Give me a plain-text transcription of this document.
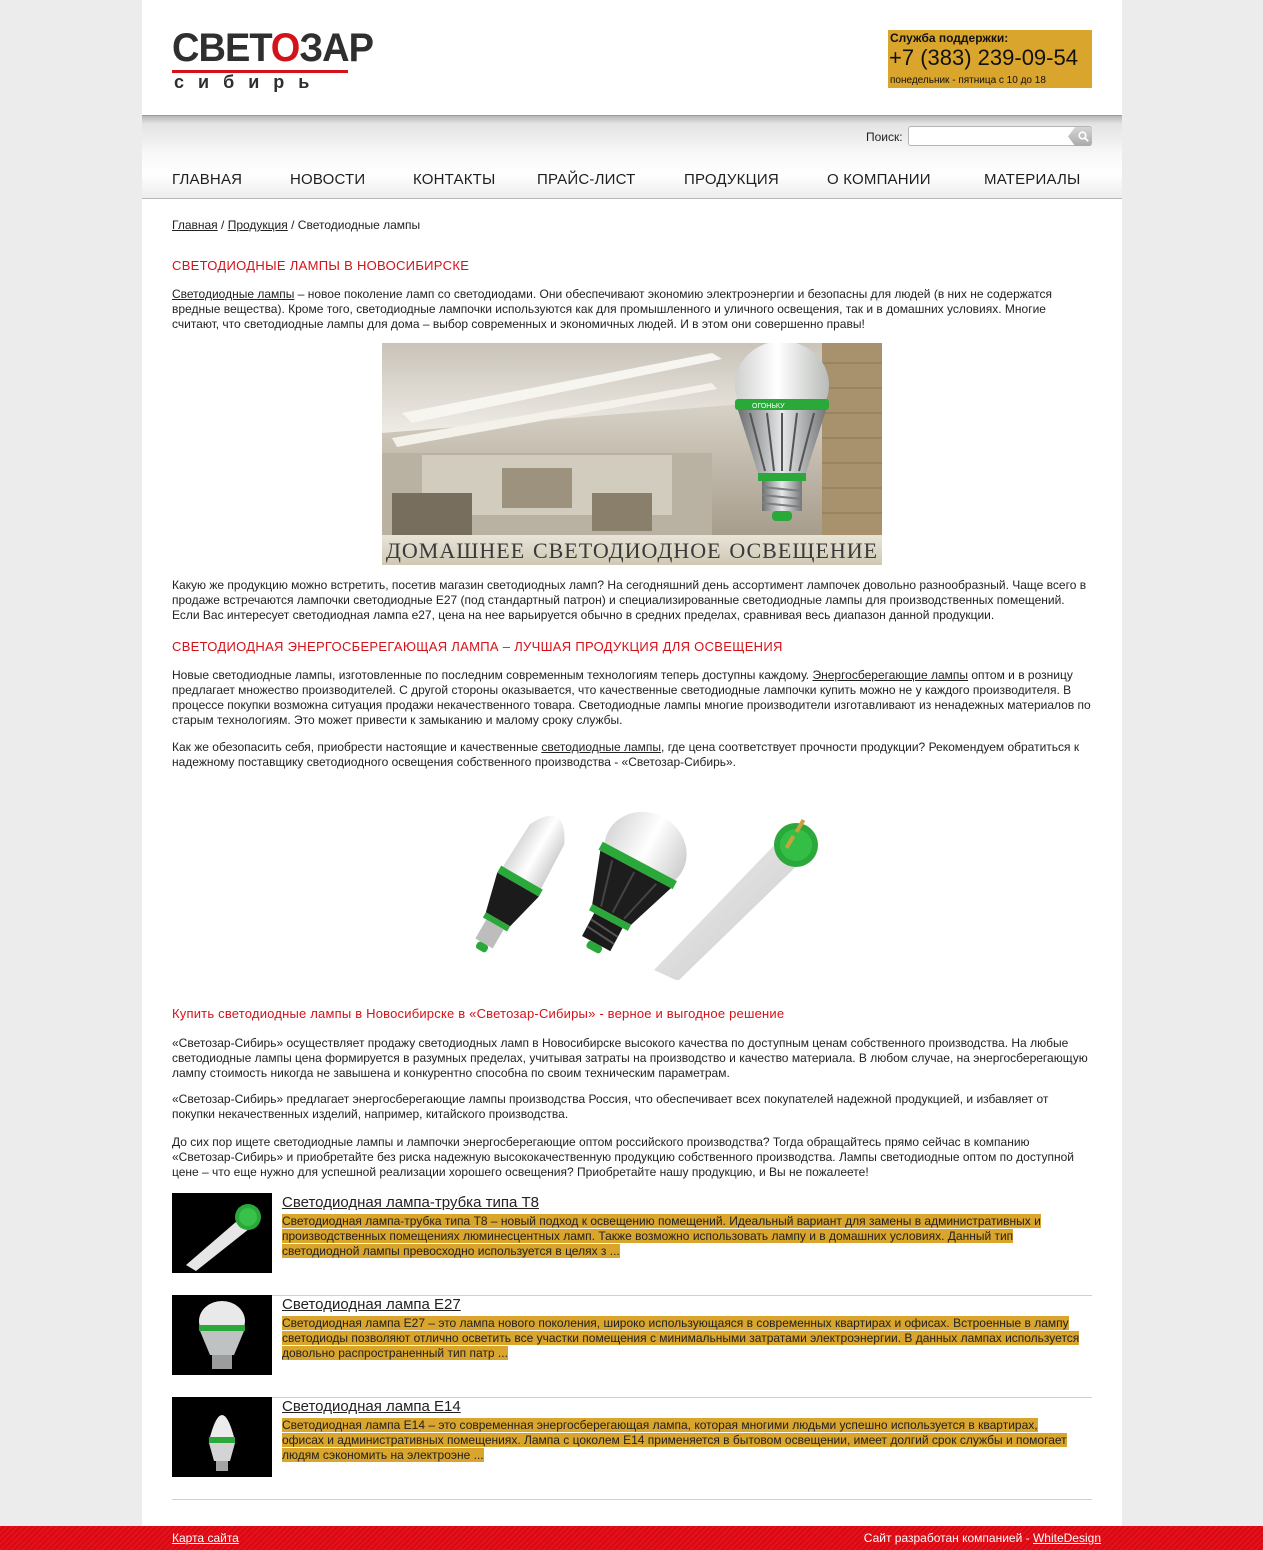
СВЕТОЗАР
сибирь
Служба поддержки:
+7 (383) 239-09-54
понедельник - пятница с 10 до 18
Поиск:
ГЛАВНАЯ	НОВОСТИ	КОНТАКТЫ	ПРАЙС-ЛИСТ	ПРОДУКЦИЯ	О КОМПАНИИ	МАТЕРИАЛЫ
Главная / Продукция / Светодиодные лампы
СВЕТОДИОДНЫЕ ЛАМПЫ В НОВОСИБИРСКЕ

Светодиодные лампы – новое поколение ламп со светодиодами. Они обеспечивают экономию электроэнергии и безопасны для людей (в них не содержатся вредные вещества). Кроме того, светодиодные лампочки используются как для промышленного и уличного освещения, так и в домашних условиях. Многие считают, что светодиодные лампы для дома – выбор современных и экономичных людей. И в этом они совершенно правы!

ОГОНЬКУ
ДОМАШНЕЕ СВЕТОДИОДНОЕ ОСВЕЩЕНИЕ

Какую же продукцию можно встретить, посетив магазин светодиодных ламп? На сегодняшний день ассортимент лампочек довольно разнообразный. Чаще всего в продаже встречаются лампочки светодиодные E27 (под стандартный патрон) и специализированные светодиодные лампы для производственных помещений. Если Вас интересует светодиодная лампа е27, цена на нее варьируется обычно в средних пределах, сравнивая весь диапазон данной продукции.

СВЕТОДИОДНАЯ ЭНЕРГОСБЕРЕГАЮЩАЯ ЛАМПА – ЛУЧШАЯ ПРОДУКЦИЯ ДЛЯ ОСВЕЩЕНИЯ

Новые светодиодные лампы, изготовленные по последним современным технологиям теперь доступны каждому. Энергосберегающие лампы оптом и в розницу предлагает множество производителей. С другой стороны оказывается, что качественные светодиодные лампочки купить можно не у каждого производителя. В процессе покупки возможна ситуация продажи некачественного товара. Светодиодные лампы многие производители изготавливают из ненадежных материалов по старым технологиям. Это может привести к замыканию и малому сроку службы.

Как же обезопасить себя, приобрести настоящие и качественные светодиодные лампы, где цена соответствует прочности продукции? Рекомендуем обратиться к надежному поставщику светодиодного освещения собственного производства - «Светозар-Сибирь».

Купить светодиодные лампы в Новосибирске в «Светозар-Сибиры» - верное и выгодное решение

«Светозар-Сибирь» осуществляет продажу светодиодных ламп в Новосибирске высокого качества по доступным ценам собственного производства. На любые светодиодные лампы цена формируется в разумных пределах, учитывая затраты на производство и качество материала. В любом случае, на энергосберегающую лампу стоимость никогда не завышена и конкурентно способна по своим техническим параметрам.

«Светозар-Сибирь» предлагает энергосберегающие лампы производства Россия, что обеспечивает всех покупателей надежной продукцией, и избавляет от покупки некачественных изделий, например, китайского производства.

До сих пор ищете светодиодные лампы и лампочки энергосберегающие оптом российского производства? Тогда обращайтесь прямо сейчас в компанию «Светозар-Сибирь» и приобретайте без риска надежную высококачественную продукцию собственного производства. Лампы светодиодные оптом по доступной цене – что еще нужно для успешной реализации хорошего освещения? Приобретайте нашу продукцию, и Вы не пожалеете!

Светодиодная лампа-трубка типа Т8
Светодиодная лампа-трубка типа Т8 – новый подход к освещению помещений. Идеальный вариант для замены в административных и производственных помещениях люминесцентных ламп. Также возможно использовать лампу и в домашних условиях. Данный тип светодиодной лампы превосходно используется в целях з ...
Светодиодная лампа E27
Светодиодная лампа E27 – это лампа нового поколения, широко использующаяся в современных квартирах и офисах. Встроенные в лампу светодиоды позволяют отлично осветить все участки помещения с минимальными затратами электроэнергии. В данных лампах используется довольно распространенный тип патр ...
Светодиодная лампа E14
Светодиодная лампа E14 – это современная энергосберегающая лампа, которая многими людьми успешно используется в квартирах, офисах и административных помещениях. Лампа с цоколем E14 применяется в бытовом освещении, имеет долгий срок службы и помогает людям сэкономить на электроэне ...
Карта сайта	Сайт разработан компанией - WhiteDesign
